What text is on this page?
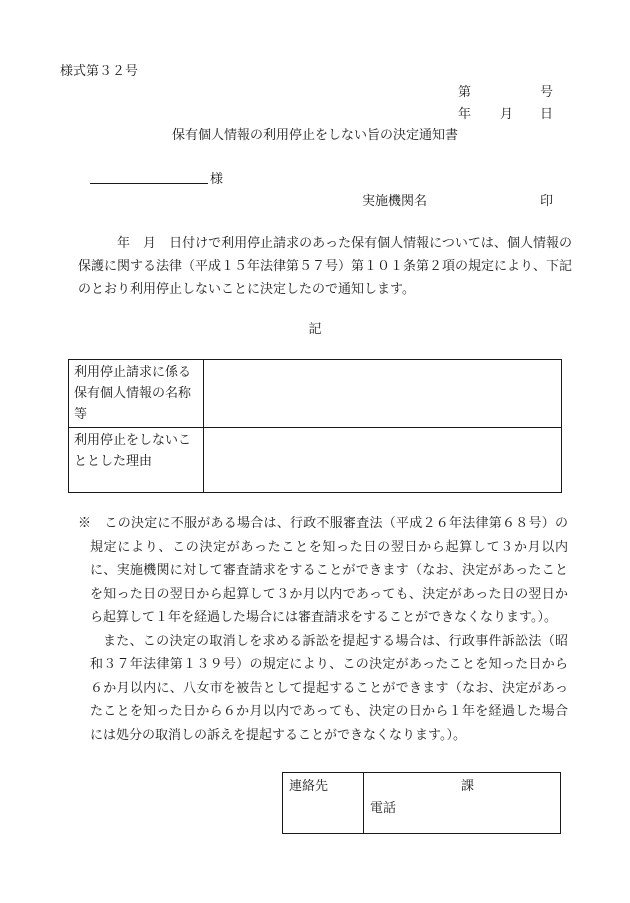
様式第３２号
第	号
年 月 日
保有個人情報の利用停止をしない旨の決定通知書
様
実施機関名	印

　　　年　月　日付けで利用停止請求のあった保有個人情報については、個人情報の保護に関する法律（平成１５年法律第５７号）第１０１条第２項の規定により、下記のとおり利用停止しないことに決定したので通知します。

記
利用停止請求に係る保有個人情報の名称等	
利用停止をしないこととした理由	

※　この決定に不服がある場合は、行政不服審査法（平成２６年法律第６８号）の規定により、この決定があったことを知った日の翌日から起算して３か月以内に、実施機関に対して審査請求をすることができます（なお、決定があったことを知った日の翌日から起算して３か月以内であっても、決定があった日の翌日から起算して１年を経過した場合には審査請求をすることができなくなります。）。

また、この決定の取消しを求める訴訟を提起する場合は、行政事件訴訟法（昭和３７年法律第１３９号）の規定により、この決定があったことを知った日から６か月以内に、八女市を被告として提起することができます（なお、決定があったことを知った日から６か月以内であっても、決定の日から１年を経過した場合には処分の取消しの訴えを提起することができなくなります。）。

連絡先	課
電話
